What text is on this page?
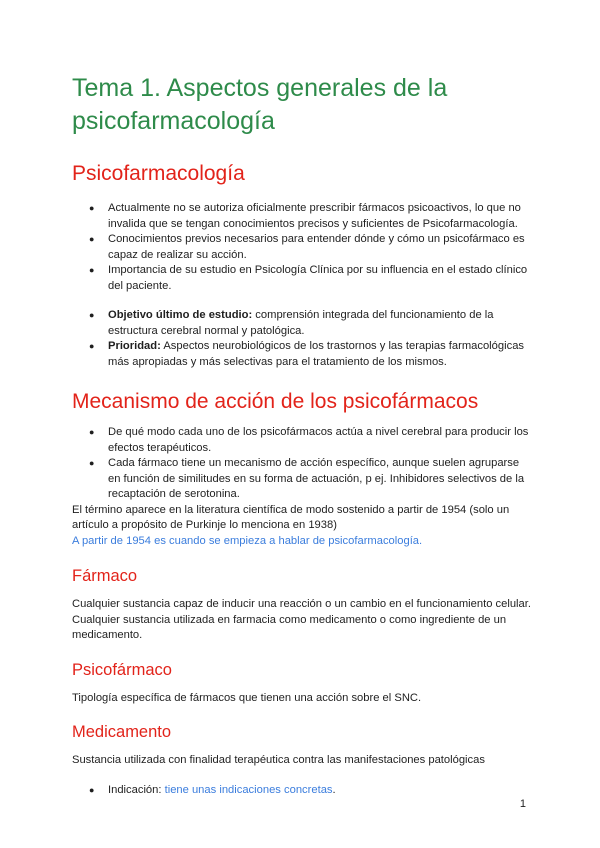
Tema 1. Aspectos generales de la psicofarmacología
Psicofarmacología
● Actualmente no se autoriza oficialmente prescribir fármacos psicoactivos, lo que no invalida que se tengan conocimientos precisos y suficientes de Psicofarmacología.
● Conocimientos previos necesarios para entender dónde y cómo un psicofármaco es capaz de realizar su acción.
● Importancia de su estudio en Psicología Clínica por su influencia en el estado clínico del paciente.
● Objetivo último de estudio: comprensión integrada del funcionamiento de la estructura cerebral normal y patológica.
● Prioridad: Aspectos neurobiológicos de los trastornos y las terapias farmacológicas más apropiadas y más selectivas para el tratamiento de los mismos.
Mecanismo de acción de los psicofármacos
● De qué modo cada uno de los psicofármacos actúa a nivel cerebral para producir los efectos terapéuticos.
● Cada fármaco tiene un mecanismo de acción específico, aunque suelen agruparse en función de similitudes en su forma de actuación, p ej. Inhibidores selectivos de la recaptación de serotonina.

El término aparece en la literatura científica de modo sostenido a partir de 1954 (solo un artículo a propósito de Purkinje lo menciona en 1938)

A partir de 1954 es cuando se empieza a hablar de psicofarmacología.

Fármaco

Cualquier sustancia capaz de inducir una reacción o un cambio en el funcionamiento celular. Cualquier sustancia utilizada en farmacia como medicamento o como ingrediente de un medicamento.

Psicofármaco

Tipología específica de fármacos que tienen una acción sobre el SNC.

Medicamento

Sustancia utilizada con finalidad terapéutica contra las manifestaciones patológicas

● Indicación: tiene unas indicaciones concretas.
1
